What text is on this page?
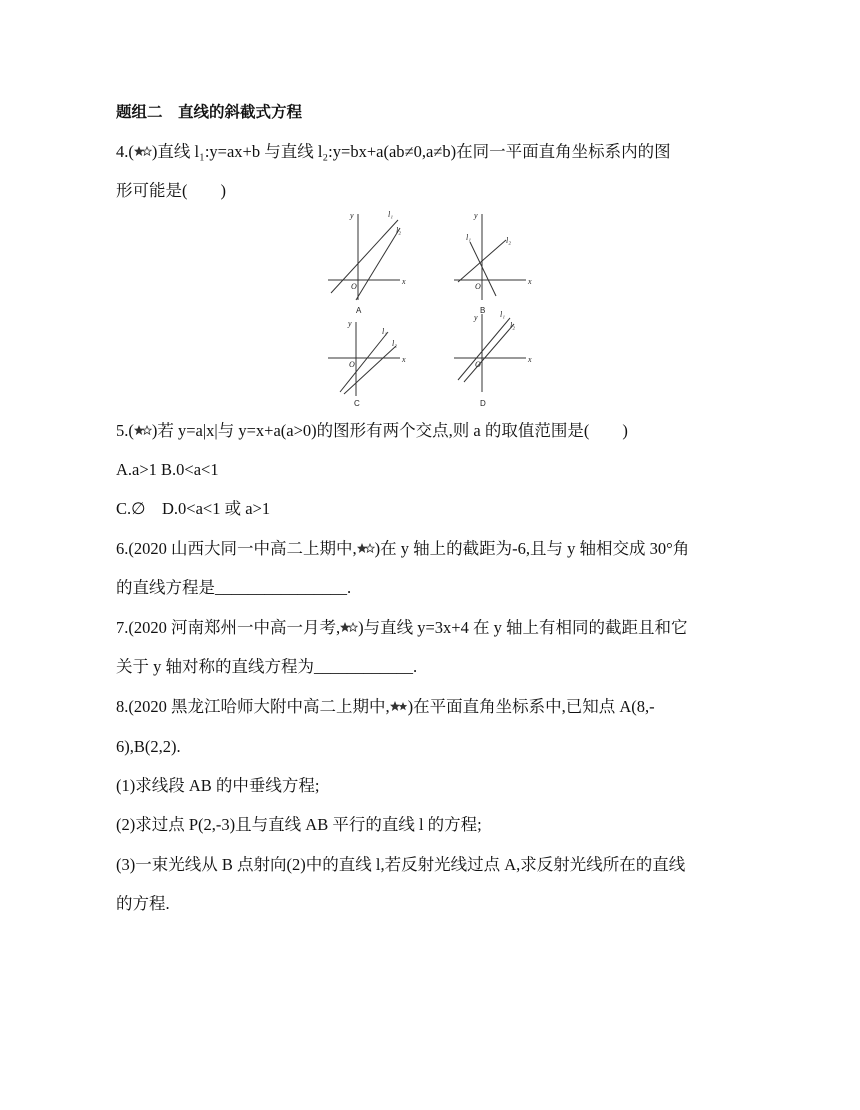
题组二　直线的斜截式方程
4.( )直线 l₁:y=ax+b 与直线 l₂:y=bx+a(ab≠0,a≠b)在同一平面直角坐标系内的图
形可能是(　　)
x
y
O
l₁
l₂
A
x
y
O
l₁	l₂
B
x
y
O
l₁
l₂
C
x
y
O
l₁
l₂
D
5.( )若 y=a|x|与 y=x+a(a>0)的图形有两个交点,则 a 的取值范围是(　　)
A.a>1 B.0<a<1
C.∅　D.0<a<1 或 a>1
6.(2020 山西大同一中高二上期中, )在 y 轴上的截距为-6,且与 y 轴相交成 30°角
的直线方程是________________.
7.(2020 河南郑州一中高一月考, )与直线 y=3x+4 在 y 轴上有相同的截距且和它
关于 y 轴对称的直线方程为____________.
8.(2020 黑龙江哈师大附中高二上期中, )在平面直角坐标系中,已知点 A(8,-
6),B(2,2).
(1)求线段 AB 的中垂线方程;
(2)求过点 P(2,-3)且与直线 AB 平行的直线 l 的方程;
(3)一束光线从 B 点射向(2)中的直线 l,若反射光线过点 A,求反射光线所在的直线
的方程.
